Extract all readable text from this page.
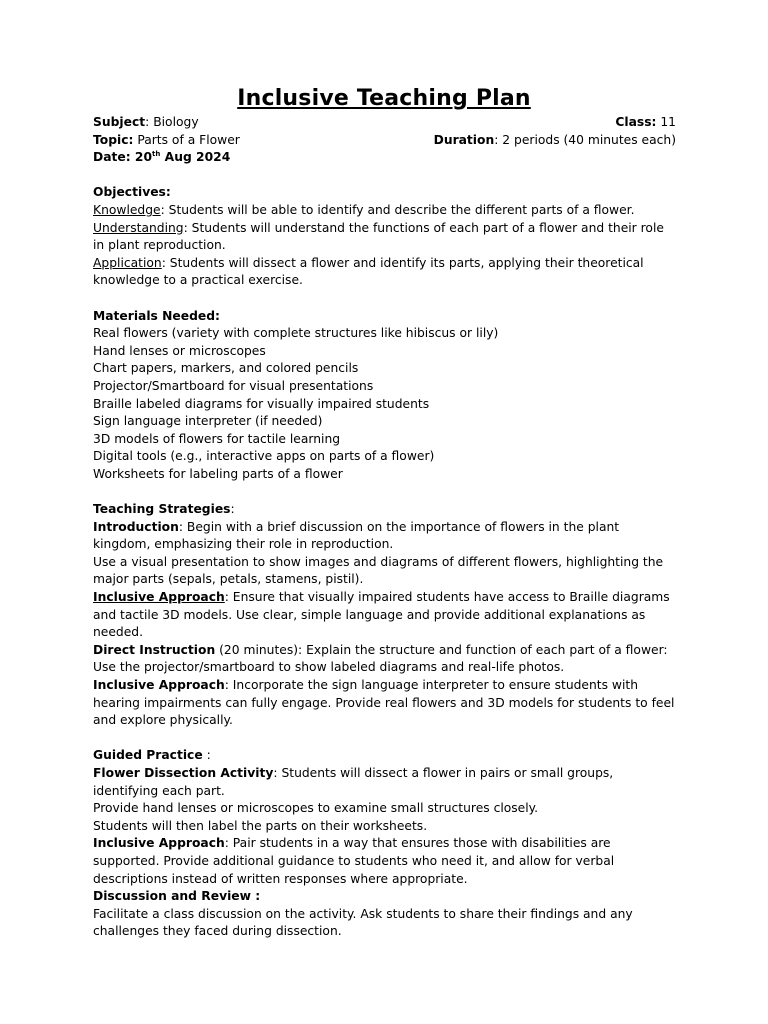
Inclusive Teaching Plan
Subject: Biology	Class: 11
Topic: Parts of a Flower	Duration: 2 periods (40 minutes each)
Date: 20th Aug 2024
Objectives:
Knowledge: Students will be able to identify and describe the different parts of a flower.
Understanding: Students will understand the functions of each part of a flower and their role in plant reproduction.
Application: Students will dissect a flower and identify its parts, applying their theoretical knowledge to a practical exercise.
Materials Needed:
Real flowers (variety with complete structures like hibiscus or lily)
Hand lenses or microscopes
Chart papers, markers, and colored pencils
Projector/Smartboard for visual presentations
Braille labeled diagrams for visually impaired students
Sign language interpreter (if needed)
3D models of flowers for tactile learning
Digital tools (e.g., interactive apps on parts of a flower)
Worksheets for labeling parts of a flower
Teaching Strategies:
Introduction: Begin with a brief discussion on the importance of flowers in the plant kingdom, emphasizing their role in reproduction.
Use a visual presentation to show images and diagrams of different flowers, highlighting the major parts (sepals, petals, stamens, pistil).
Inclusive Approach: Ensure that visually impaired students have access to Braille diagrams and tactile 3D models. Use clear, simple language and provide additional explanations as needed.
Direct Instruction (20 minutes): Explain the structure and function of each part of a flower:
Use the projector/smartboard to show labeled diagrams and real-life photos.
Inclusive Approach: Incorporate the sign language interpreter to ensure students with hearing impairments can fully engage. Provide real flowers and 3D models for students to feel and explore physically.
Guided Practice :
Flower Dissection Activity: Students will dissect a flower in pairs or small groups, identifying each part.
Provide hand lenses or microscopes to examine small structures closely.
Students will then label the parts on their worksheets.
Inclusive Approach: Pair students in a way that ensures those with disabilities are supported. Provide additional guidance to students who need it, and allow for verbal descriptions instead of written responses where appropriate.
Discussion and Review :
Facilitate a class discussion on the activity. Ask students to share their findings and any challenges they faced during dissection.
